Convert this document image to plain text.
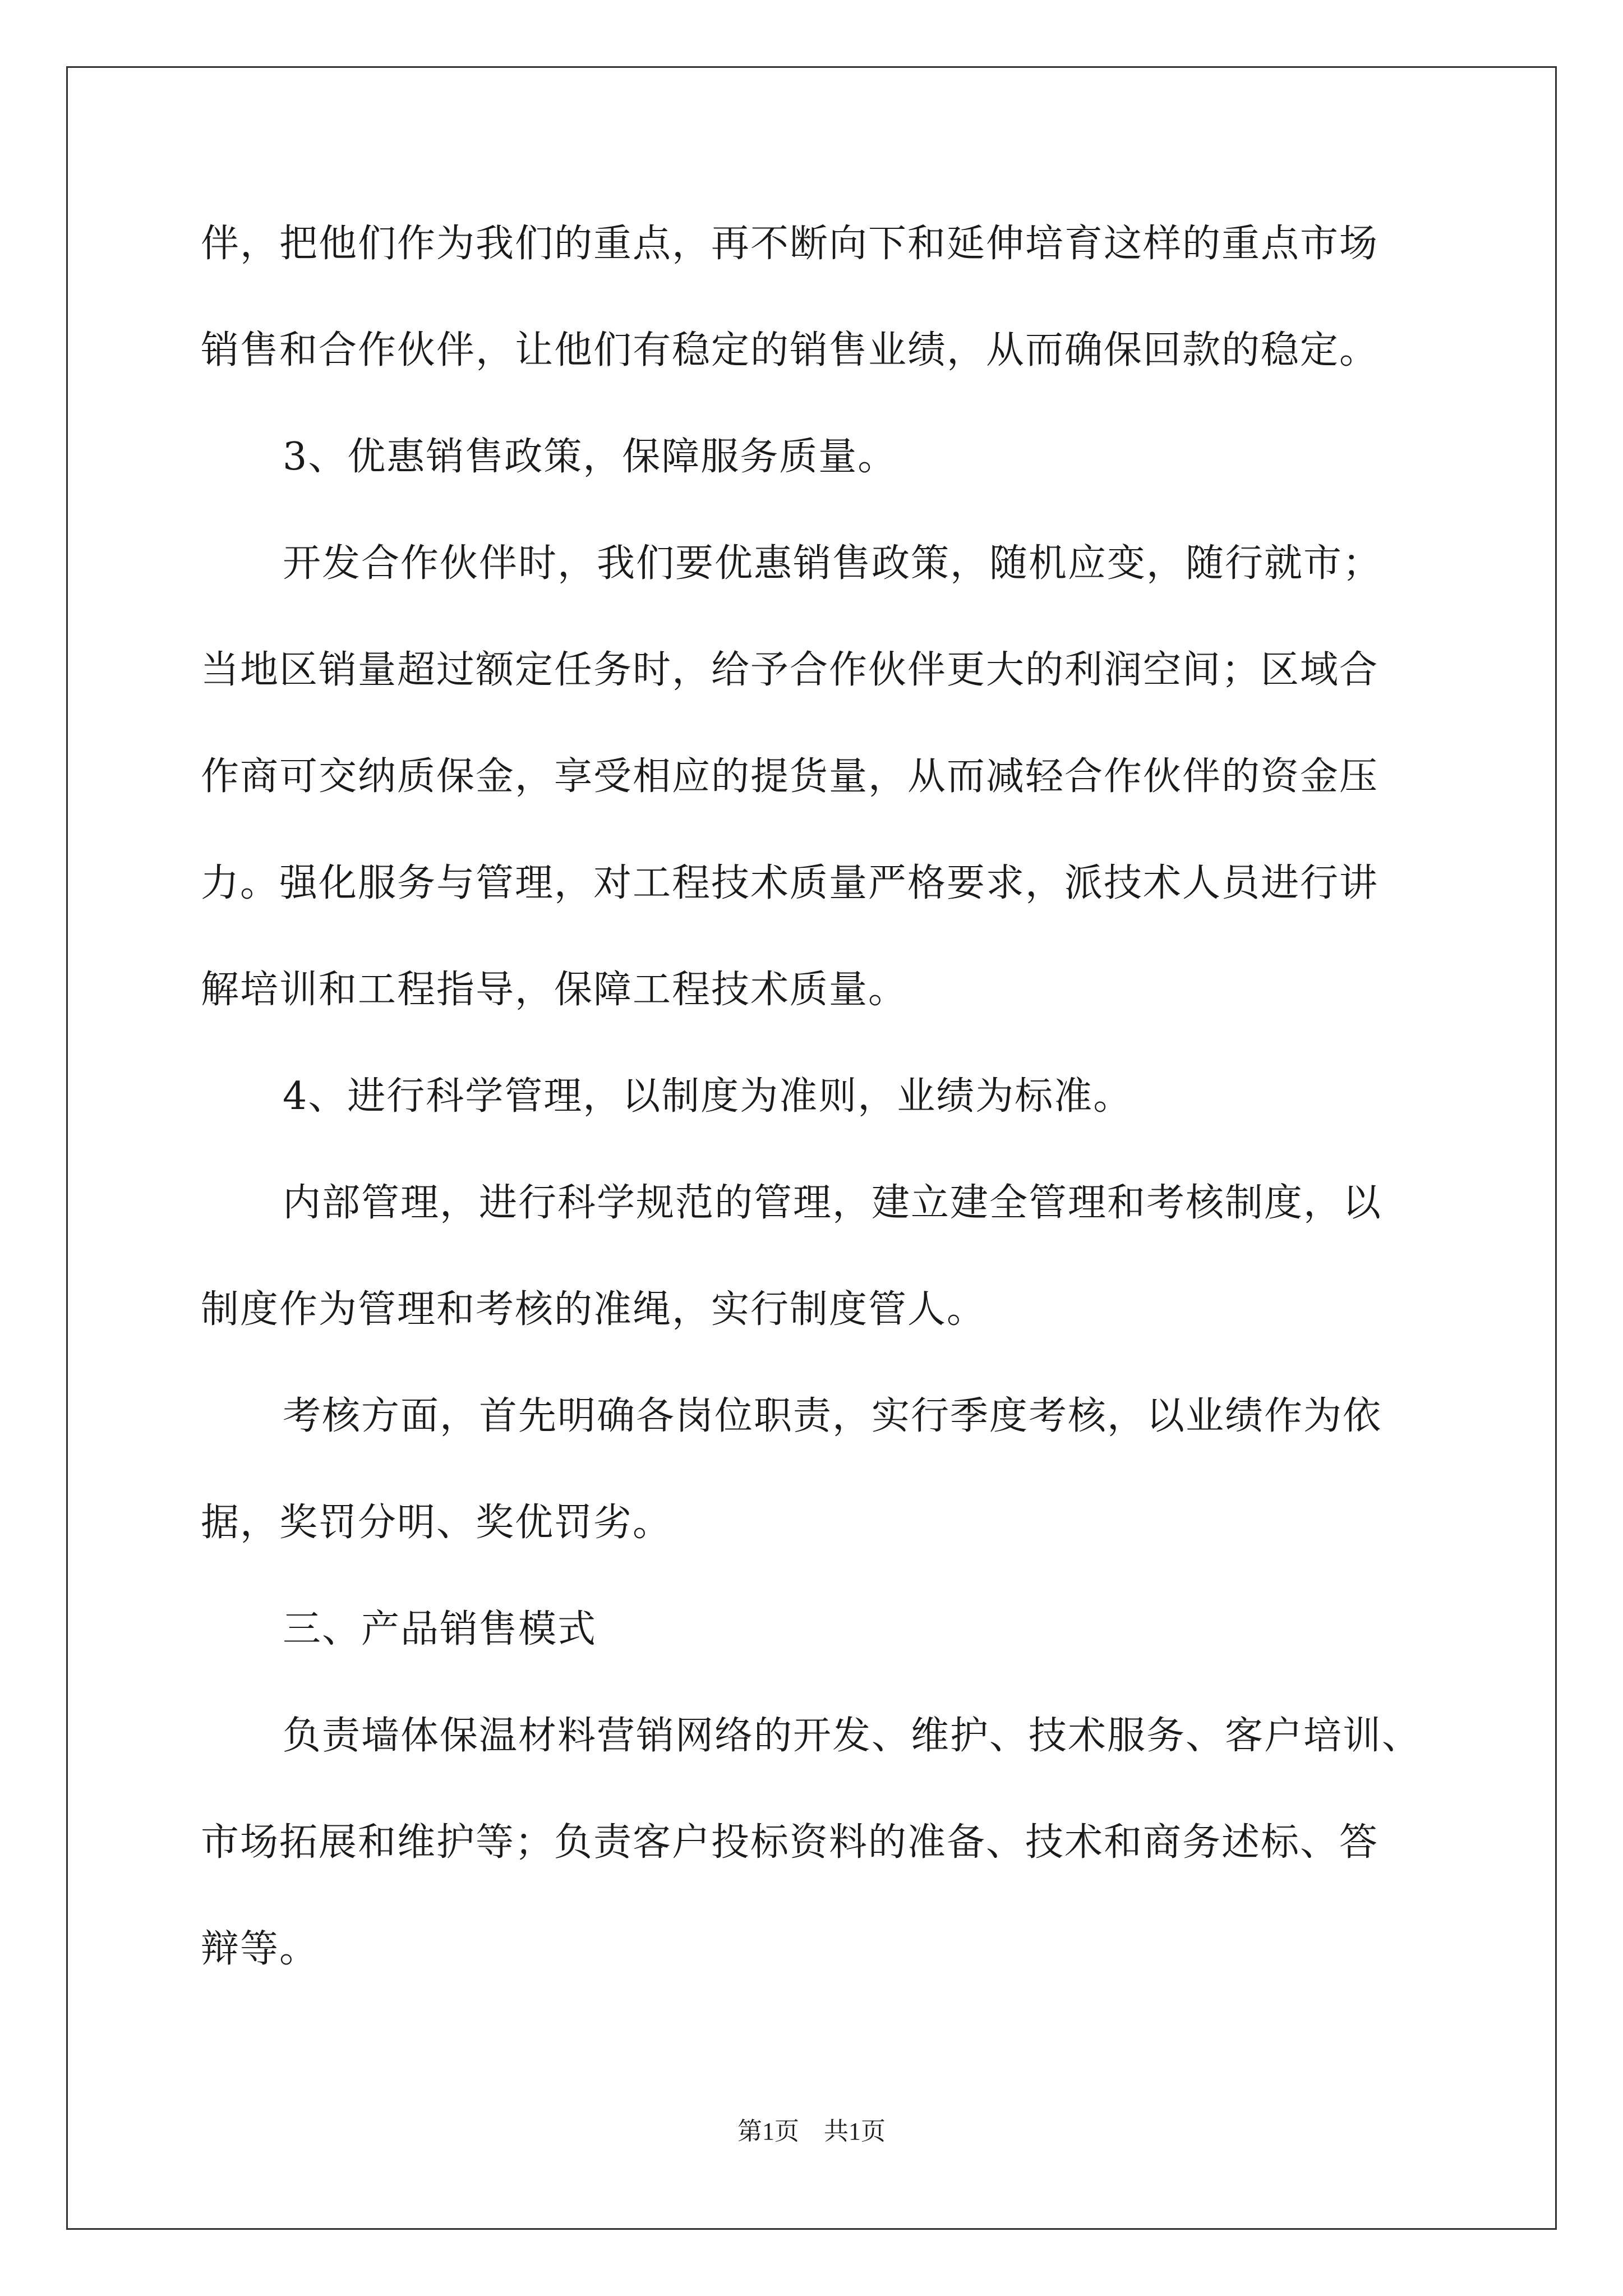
伴，把他们作为我们的重点，再不断向下和延伸培育这样的重点市场
销售和合作伙伴，让他们有稳定的销售业绩，从而确保回款的稳定。
3、优惠销售政策，保障服务质量。
开发合作伙伴时，我们要优惠销售政策，随机应变，随行就市；
当地区销量超过额定任务时，给予合作伙伴更大的利润空间；区域合
作商可交纳质保金，享受相应的提货量，从而减轻合作伙伴的资金压
力。强化服务与管理，对工程技术质量严格要求，派技术人员进行讲
解培训和工程指导，保障工程技术质量。
4、进行科学管理，以制度为准则，业绩为标准。
内部管理，进行科学规范的管理，建立建全管理和考核制度，以
制度作为管理和考核的准绳，实行制度管人。
考核方面，首先明确各岗位职责，实行季度考核，以业绩作为依
据，奖罚分明、奖优罚劣。
三、产品销售模式
负责墙体保温材料营销网络的开发、维护、技术服务、客户培训、
市场拓展和维护等；负责客户投标资料的准备、技术和商务述标、答
辩等。
第1页　共1页
